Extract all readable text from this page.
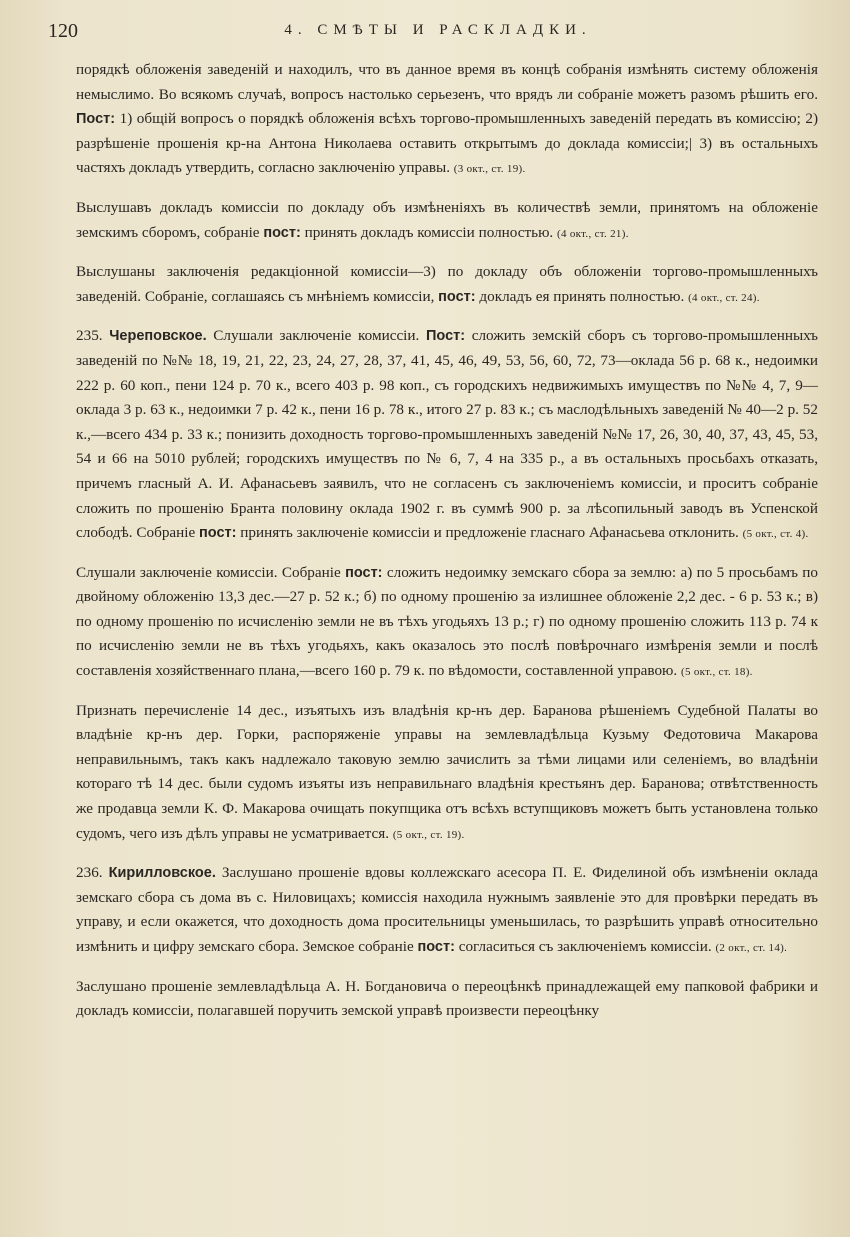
120	4. СМѢТЫ И РАСКЛАДКИ.

порядкѣ обложенія заведеній и находилъ, что въ данное время въ концѣ собранія измѣнять систему обложенія немыслимо. Во всякомъ случаѣ, вопросъ настолько серьезенъ, что врядъ ли собраніе можетъ разомъ рѣшить его. Пост: 1) общій вопросъ о порядкѣ обложенія всѣхъ торгово-промышленныхъ заведеній передать въ комиссію; 2) разрѣшеніе прошенія кр-на Антона Николаева оставить открытымъ до доклада комиссіи;| 3) въ остальныхъ частяхъ докладъ утвердить, согласно заключенію управы. (3 окт., ст. 19).

Выслушавъ докладъ комиссіи по докладу объ измѣненіяхъ въ количествѣ земли, принятомъ на обложеніе земскимъ сборомъ, собраніе пост: принять докладъ комиссіи полностью. (4 окт., ст. 21).

Выслушаны заключенія редакціонной комиссіи—3) по докладу объ обложеніи торгово-промышленныхъ заведеній. Собраніе, соглашаясь съ мнѣніемъ комиссіи, пост: докладъ ея принять полностью. (4 окт., ст. 24).

235. Череповское. Слушали заключеніе комиссіи. Пост: сложить земскій сборъ съ торгово-промышленныхъ заведеній по №№ 18, 19, 21, 22, 23, 24, 27, 28, 37, 41, 45, 46, 49, 53, 56, 60, 72, 73—оклада 56 р. 68 к., недоимки 222 р. 60 коп., пени 124 р. 70 к., всего 403 р. 98 коп., съ городскихъ недвижимыхъ имуществъ по №№ 4, 7, 9—оклада 3 р. 63 к., недоимки 7 р. 42 к., пени 16 р. 78 к., итого 27 р. 83 к.; съ маслодѣльныхъ заведеній № 40—2 р. 52 к.,—всего 434 р. 33 к.; понизить доходность торгово-промышленныхъ заведеній №№ 17, 26, 30, 40, 37, 43, 45, 53, 54 и 66 на 5010 рублей; городскихъ имуществъ по № 6, 7, 4 на 335 р., а въ остальныхъ просьбахъ отказать, причемъ гласный А. И. Афанасьевъ заявилъ, что не согласенъ съ заключеніемъ комиссіи, и проситъ собраніе сложить по прошенію Бранта половину оклада 1902 г. въ суммѣ 900 р. за лѣсопильный заводъ въ Успенской слободѣ. Собраніе пост: принять заключеніе комиссіи и предложеніе гласнаго Афанасьева отклонить. (5 окт., ст. 4).

Слушали заключеніе комиссіи. Собраніе пост: сложить недоимку земскаго сбора за землю: а) по 5 просьбамъ по двойному обложенію 13,3 дес.—27 р. 52 к.; б) по одному прошенію за излишнее обложеніе 2,2 дес. - 6 р. 53 к.; в) по одному прошенію по исчисленію земли не въ тѣхъ угодьяхъ 13 р.; г) по одному прошенію сложить 113 р. 74 к по исчисленію земли не въ тѣхъ угодьяхъ, какъ оказалось это послѣ повѣрочнаго измѣренія земли и послѣ составленія хозяйственнаго плана,—всего 160 р. 79 к. по вѣдомости, составленной управою. (5 окт., ст. 18).

Признать перечисленіе 14 дес., изъятыхъ изъ владѣнія кр-нъ дер. Баранова рѣшеніемъ Судебной Палаты во владѣніе кр-нъ дер. Горки, распоряженіе управы на землевладѣльца Кузьму Федотовича Макарова неправильнымъ, такъ какъ надлежало таковую землю зачислить за тѣми лицами или селеніемъ, во владѣніи котораго тѣ 14 дес. были судомъ изъяты изъ неправильнаго владѣнія крестьянъ дер. Баранова; отвѣтственность же продавца земли К. Ф. Макарова очищать покупщика отъ всѣхъ вступщиковъ можетъ быть установлена только судомъ, чего изъ дѣлъ управы не усматривается. (5 окт., ст. 19).

236. Кирилловское. Заслушано прошеніе вдовы коллежскаго асесора П. Е. Фиделиной объ измѣненіи оклада земскаго сбора съ дома въ с. Ниловицахъ; комиссія находила нужнымъ заявленіе это для провѣрки передать въ управу, и если окажется, что доходность дома просительницы уменьшилась, то разрѣшить управѣ относительно измѣнить и цифру земскаго сбора. Земское собраніе пост: согласиться съ заключеніемъ комиссіи. (2 окт., ст. 14).

Заслушано прошеніе землевладѣльца А. Н. Богдановича о переоцѣнкѣ принадлежащей ему папковой фабрики и докладъ комиссіи, полагавшей поручить земской управѣ произвести переоцѣнку
